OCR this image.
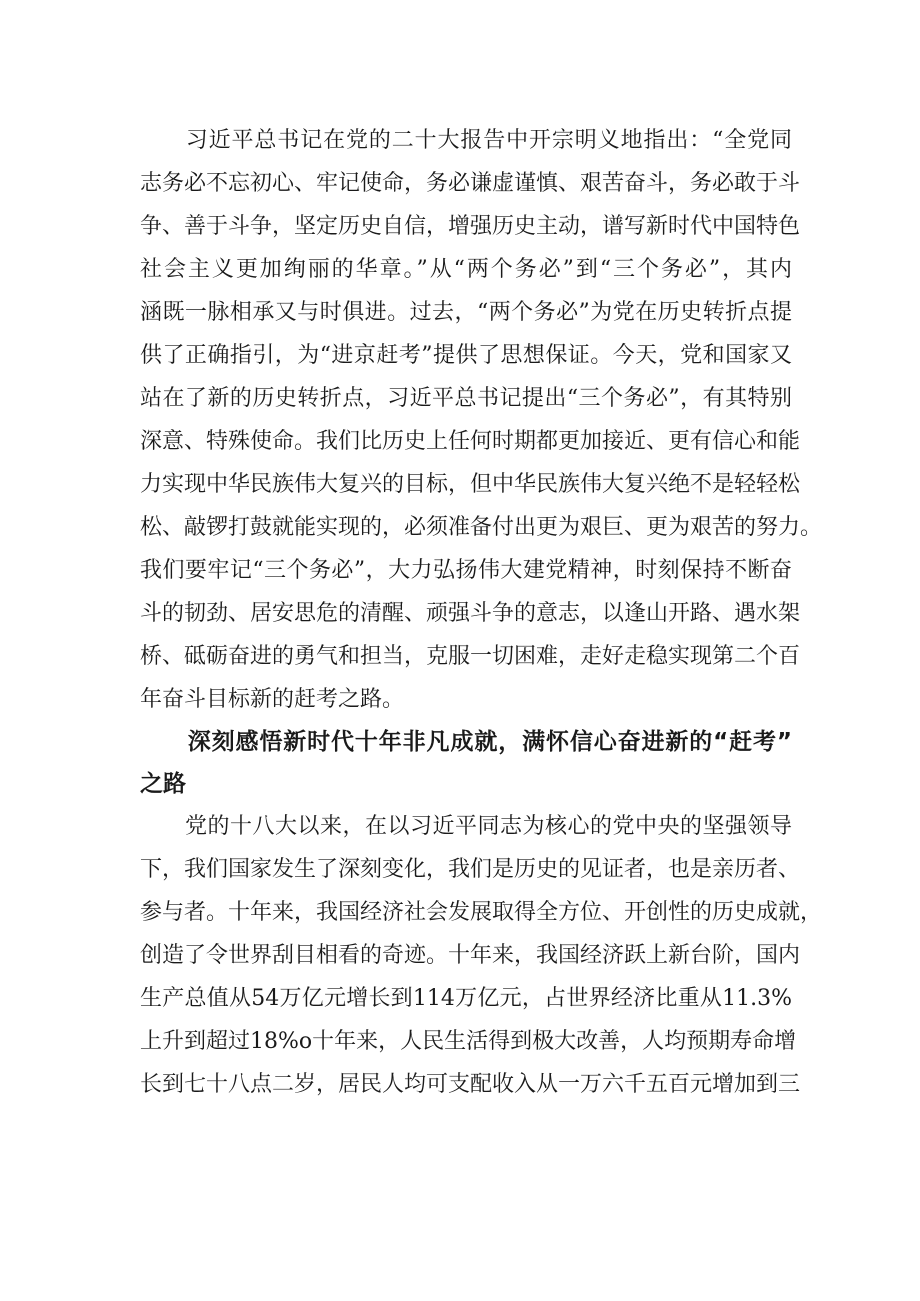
　　习近平总书记在党的二十大报告中开宗明义地指出：“全党同
志务必不忘初心、牢记使命，务必谦虚谨慎、艰苦奋斗，务必敢于斗
争、善于斗争，坚定历史自信，增强历史主动，谱写新时代中国特色
社会主义更加绚丽的华章。”从“两个务必”到“三个务必”，其内
涵既一脉相承又与时俱进。过去，“两个务必”为党在历史转折点提
供了正确指引，为“进京赶考”提供了思想保证。今天，党和国家又
站在了新的历史转折点，习近平总书记提出“三个务必”，有其特别
深意、特殊使命。我们比历史上任何时期都更加接近、更有信心和能
力实现中华民族伟大复兴的目标，但中华民族伟大复兴绝不是轻轻松
松、敲锣打鼓就能实现的，必须准备付出更为艰巨、更为艰苦的努力。
我们要牢记“三个务必”，大力弘扬伟大建党精神，时刻保持不断奋
斗的韧劲、居安思危的清醒、顽强斗争的意志，以逢山开路、遇水架
桥、砥砺奋进的勇气和担当，克服一切困难，走好走稳实现第二个百
年奋斗目标新的赶考之路。
　　深刻感悟新时代十年非凡成就，满怀信心奋进新的“赶考”
之路
　　党的十八大以来，在以习近平同志为核心的党中央的坚强领导
下，我们国家发生了深刻变化，我们是历史的见证者，也是亲历者、
参与者。十年来，我国经济社会发展取得全方位、开创性的历史成就，
创造了令世界刮目相看的奇迹。十年来，我国经济跃上新台阶，国内
生产总值从54万亿元增长到114万亿元，占世界经济比重从11.3%
上升到超过18%o十年来，人民生活得到极大改善，人均预期寿命增
长到七十八点二岁，居民人均可支配收入从一万六千五百元增加到三
